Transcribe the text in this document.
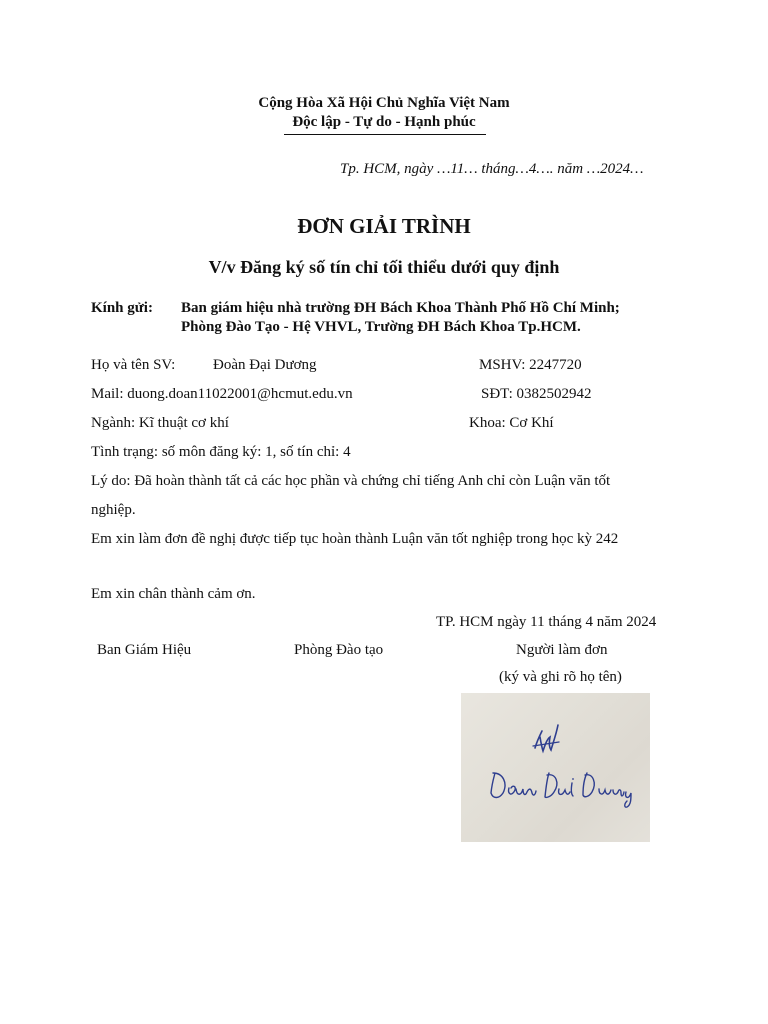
Cộng Hòa Xã Hội Chủ Nghĩa Việt Nam
Độc lập - Tự do - Hạnh phúc
Tp. HCM, ngày …11… tháng…4…. năm …2024…
ĐƠN GIẢI TRÌNH
V/v Đăng ký số tín chỉ tối thiểu dưới quy định
Kính gửi: Ban giám hiệu nhà trường ĐH Bách Khoa Thành Phố Hồ Chí Minh;
Phòng Đào Tạo - Hệ VHVL, Trường ĐH Bách Khoa Tp.HCM.
Họ và tên SV:	Đoàn Đại Dương	MSHV: 2247720
Mail: duong.doan11022001@hcmut.edu.vn	SĐT: 0382502942
Ngành: Kĩ thuật cơ khí	Khoa: Cơ Khí
Tình trạng: số môn đăng ký: 1, số tín chỉ: 4
Lý do: Đã hoàn thành tất cả các học phần và chứng chỉ tiếng Anh chỉ còn Luận văn tốt
nghiệp.
Em xin làm đơn đề nghị được tiếp tục hoàn thành Luận văn tốt nghiệp trong học kỳ 242
Em xin chân thành cảm ơn.
TP. HCM ngày 11 tháng 4 năm 2024
Ban Giám Hiệu	Phòng Đào tạo	Người làm đơn
(ký và ghi rõ họ tên)
